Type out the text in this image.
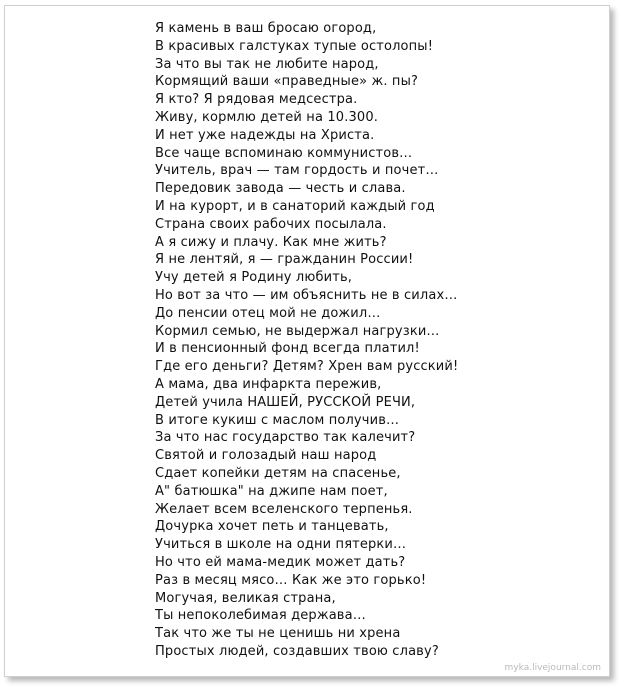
Я камень в ваш бросаю огород,
В красивых галстуках тупые остолопы!
За что вы так не любите народ,
Кормящий ваши «праведные» ж. пы?
Я кто? Я рядовая медсестра.
Живу, кормлю детей на 10.300.
И нет уже надежды на Христа.
Все чаще вспоминаю коммунистов…
Учитель, врач — там гордость и почет…
Передовик завода — честь и слава.
И на курорт, и в санаторий каждый год
Страна своих рабочих посылала.
А я сижу и плачу. Как мне жить?
Я не лентяй, я — гражданин России!
Учу детей я Родину любить,
Но вот за что — им объяснить не в силах…
До пенсии отец мой не дожил…
Кормил семью, не выдержал нагрузки…
И в пенсионный фонд всегда платил!
Где его деньги? Детям? Хрен вам русский!
А мама, два инфаркта пережив,
Детей учила НАШЕЙ, РУССКОЙ РЕЧИ,
В итоге кукиш с маслом получив…
За что нас государство так калечит?
Святой и голозадый наш народ
Сдает копейки детям на спасенье,
А" батюшка" на джипе нам поет,
Желает всем вселенского терпенья.
Дочурка хочет петь и танцевать,
Учиться в школе на одни пятерки…
Но что ей мама-медик может дать?
Раз в месяц мясо… Как же это горько!
Могучая, великая страна,
Ты непоколебимая держава…
Так что же ты не ценишь ни хрена
Простых людей, создавших твою славу?
myka.livejournal.com
